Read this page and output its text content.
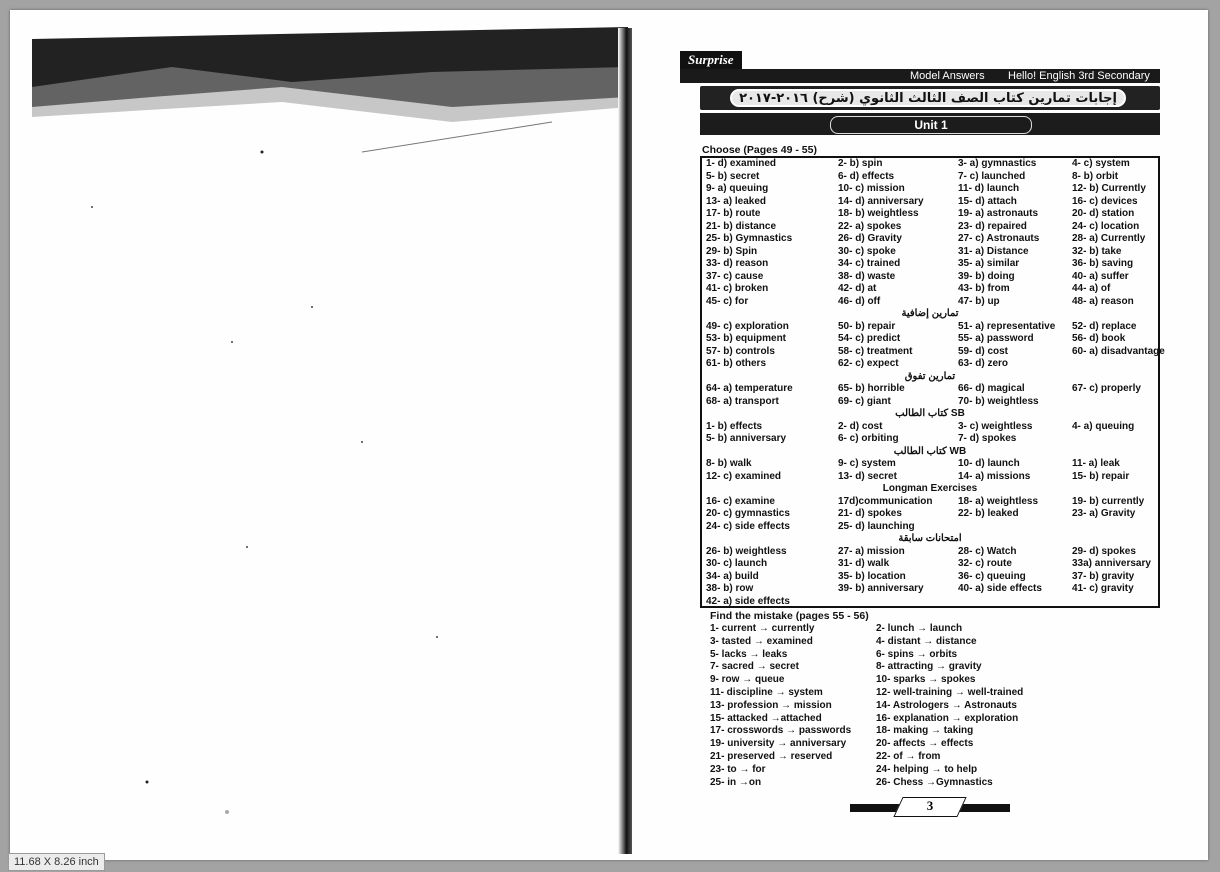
Surprise
Model Answers Hello! English 3rd Secondary
إجابات تمارين كتاب الصف الثالث الثانوي (شرح) ٢٠١٦-٢٠١٧
Unit 1
Choose (Pages 49 - 55)
1- d) examined	2- b) spin	3- a) gymnastics	4- c) system
5- b) secret	6- d) effects	7- c) launched	8- b) orbit
9- a) queuing	10- c) mission	11- d) launch	12- b) Currently
13- a) leaked	14- d) anniversary	15- d) attach	16- c) devices
17- b) route	18- b) weightless	19- a) astronauts	20- d) station
21- b) distance	22- a) spokes	23- d) repaired	24- c) location
25- b) Gymnastics	26- d) Gravity	27- c) Astronauts	28- a) Currently
29- b) Spin	30- c) spoke	31- a) Distance	32- b) take
33- d) reason	34- c) trained	35- a) similar	36- b) saving
37- c) cause	38- d) waste	39- b) doing	40- a) suffer
41- c) broken	42- d) at	43- b) from	44- a) of
45- c) for	46- d) off	47- b) up	48- a) reason
تمارين إضافية
49- c) exploration	50- b) repair	51- a) representative 52- d) replace
53- b) equipment	54- c) predict	55- a) password	56- d) book
57- b) controls	58- c) treatment	59- d) cost	60- a) disadvantage
61- b) others	62- c) expect	63- d) zero
تمارين تفوق
64- a) temperature	65- b) horrible	66- d) magical	67- c) properly
68- a) transport	69- c) giant	70- b) weightless
كتاب الطالب SB
1- b) effects	2- d) cost	3- c) weightless	4- a) queuing
5- b) anniversary	6- c) orbiting	7- d) spokes
كتاب الطالب WB
8- b) walk	9- c) system	10- d) launch	11- a) leak
12- c) examined	13- d) secret	14- a) missions	15- b) repair
Longman Exercises
16- c) examine	17d)communication	18- a) weightless	19- b) currently
20- c) gymnastics	21- d) spokes	22- b) leaked	23- a) Gravity
24- c) side effects	25- d) launching
امتحانات سابقة
26- b) weightless	27- a) mission	28- c) Watch	29- d) spokes
30- c) launch	31- d) walk	32- c) route	33a) anniversary
34- a) build	35- b) location	36- c) queuing	37- b) gravity
38- b) row	39- b) anniversary	40- a) side effects	41- c) gravity
42- a) side effects
Find the mistake (pages 55 - 56)
1- current → currently	2- lunch → launch
3- tasted → examined	4- distant → distance
5- lacks → leaks	6- spins → orbits
7- sacred → secret	8- attracting → gravity
9- row → queue	10- sparks → spokes
11- discipline → system	12- well-training → well-trained
13- profession → mission	14- Astrologers → Astronauts
15- attacked →attached	16- explanation → exploration
17- crosswords → passwords 18- making → taking
19- university → anniversary	20- affects → effects
21- preserved → reserved	22- of → from
23- to → for	24- helping → to help
25- in →on	26- Chess →Gymnastics
3
11.68 X 8.26 inch
